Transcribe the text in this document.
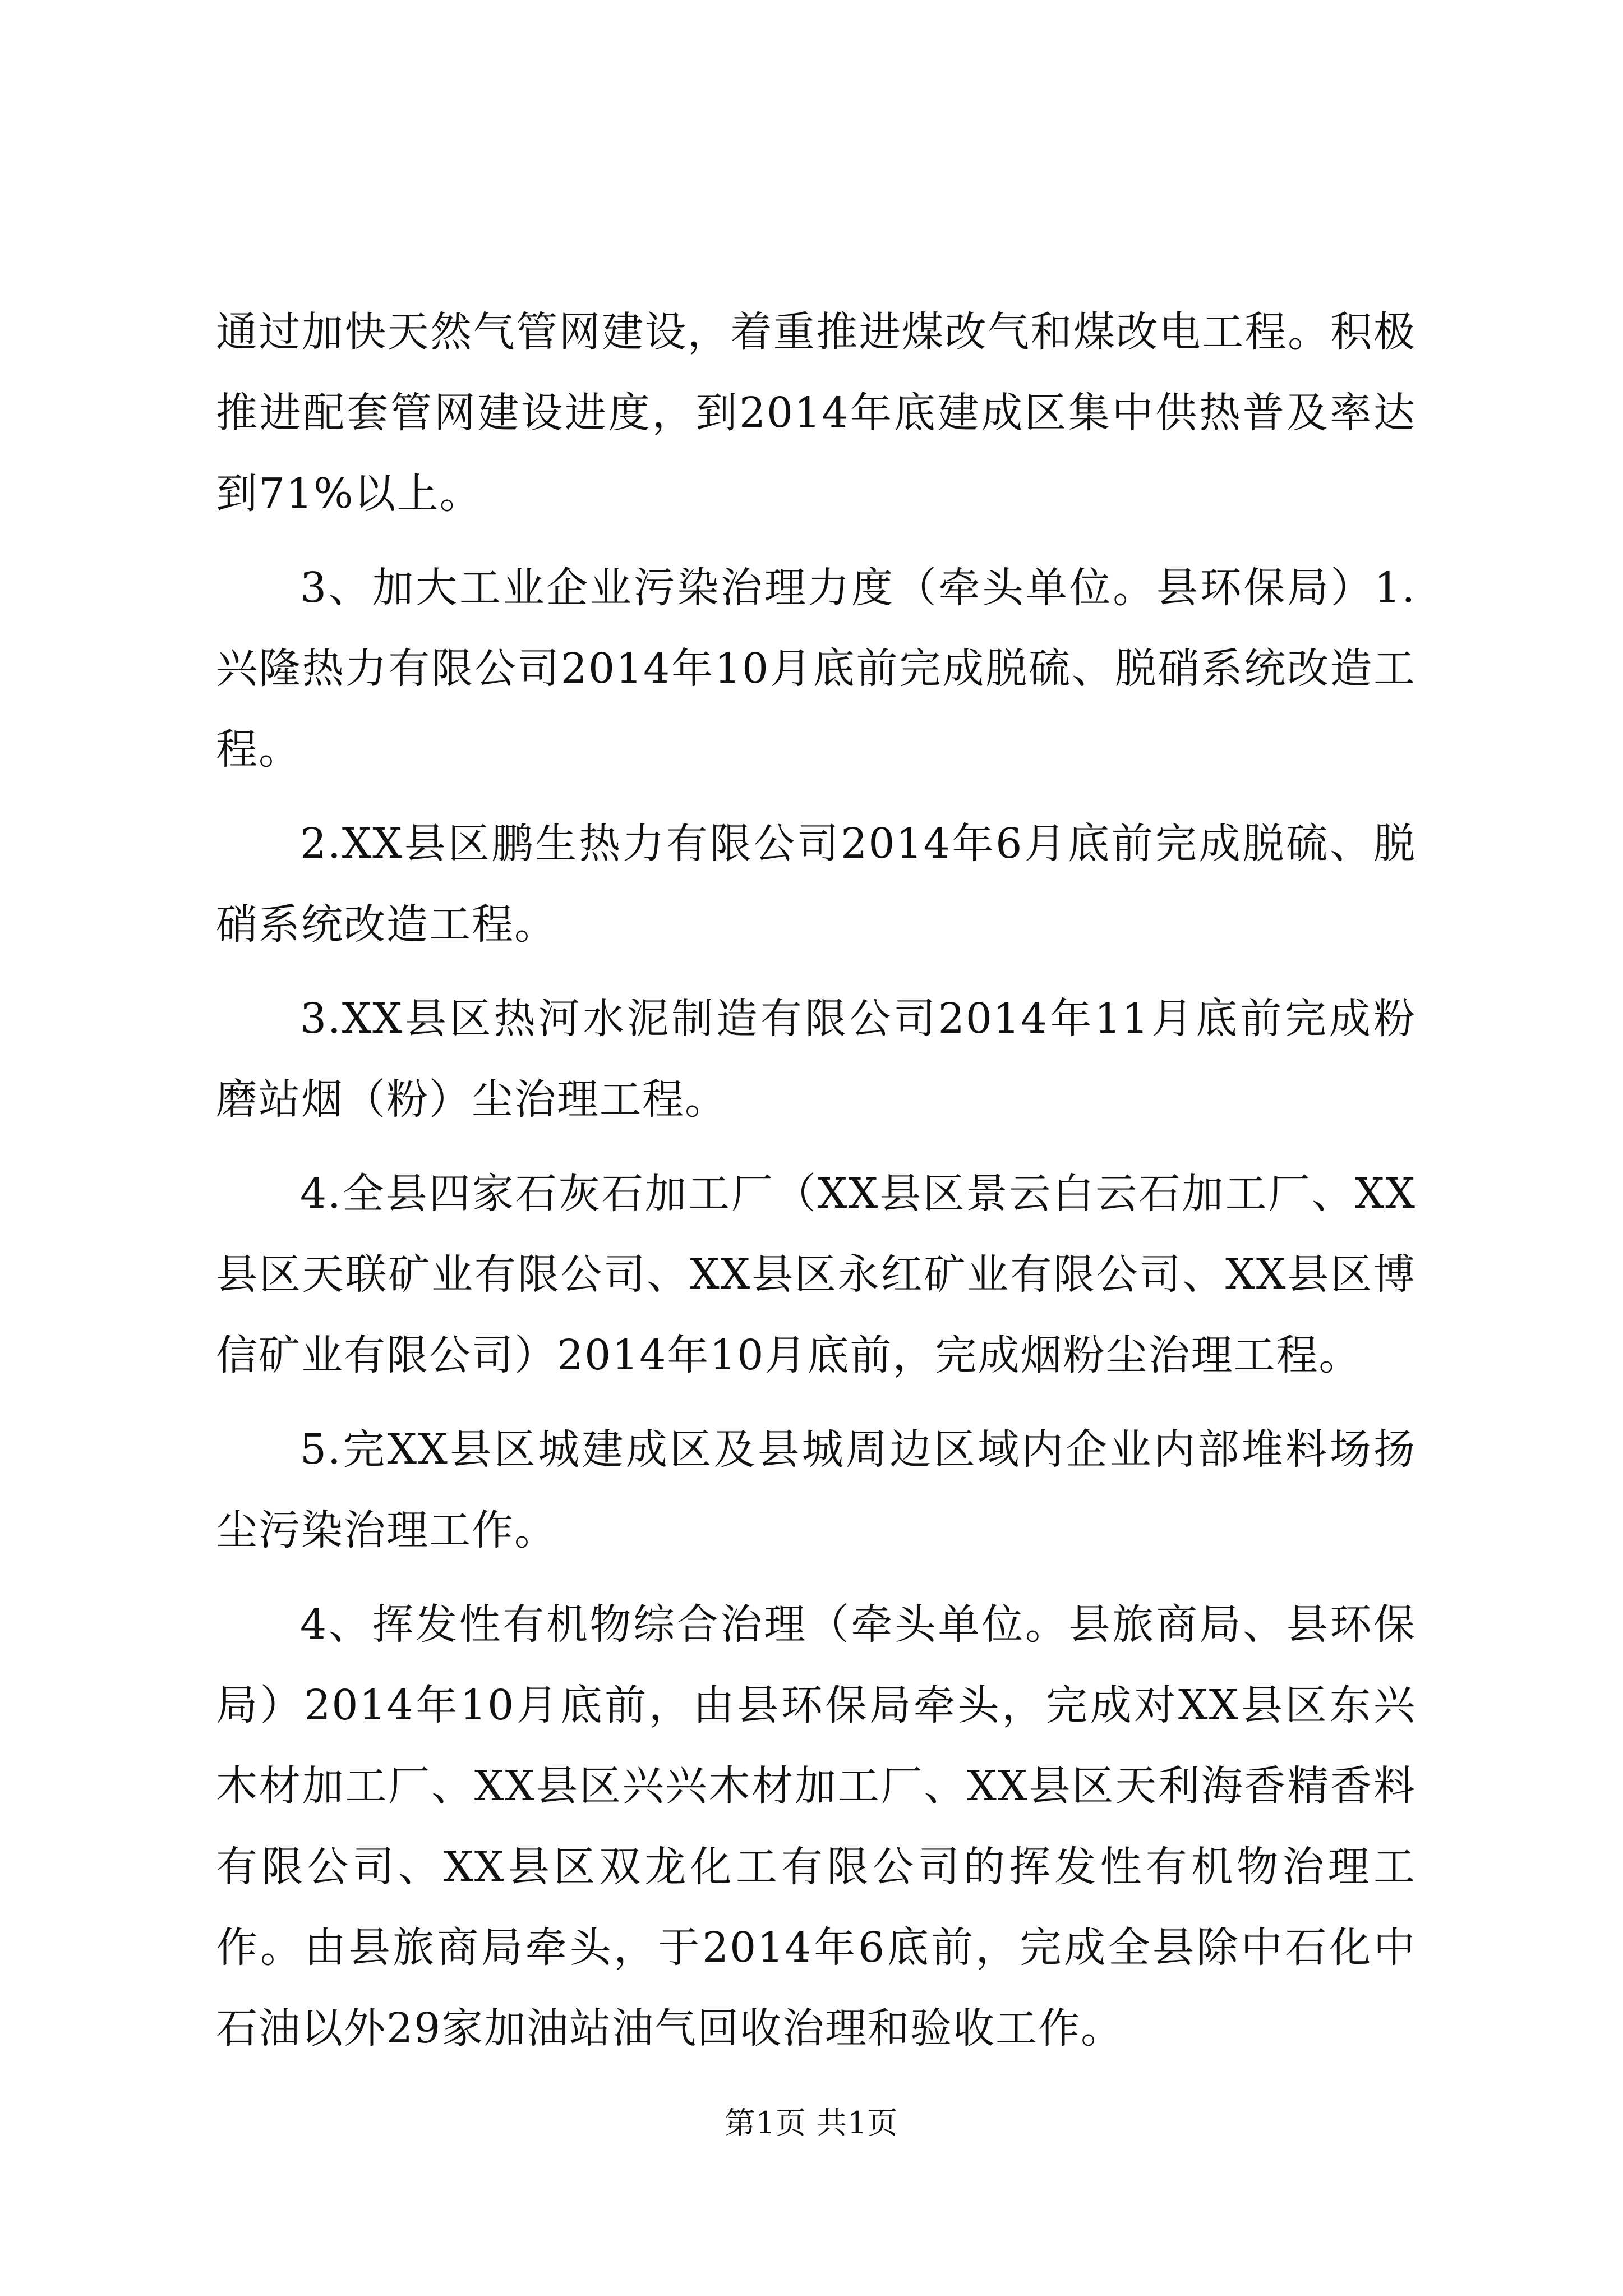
通过加快天然气管网建设，着重推进煤改气和煤改电工程。积极推进配套管网建设进度，到2014年底建成区集中供热普及率达到71%以上。

3、加大工业企业污染治理力度（牵头单位。县环保局）1.兴隆热力有限公司2014年10月底前完成脱硫、脱硝系统改造工程。

2.XX县区鹏生热力有限公司2014年6月底前完成脱硫、脱硝系统改造工程。

3.XX县区热河水泥制造有限公司2014年11月底前完成粉磨站烟（粉）尘治理工程。

4.全县四家石灰石加工厂（XX县区景云白云石加工厂、XX县区天联矿业有限公司、XX县区永红矿业有限公司、XX县区博信矿业有限公司）2014年10月底前，完成烟粉尘治理工程。

5.完XX县区城建成区及县城周边区域内企业内部堆料场扬尘污染治理工作。

4、挥发性有机物综合治理（牵头单位。县旅商局、县环保局）2014年10月底前，由县环保局牵头，完成对XX县区东兴木材加工厂、XX县区兴兴木材加工厂、XX县区天利海香精香料有限公司、XX县区双龙化工有限公司的挥发性有机物治理工作。由县旅商局牵头，于2014年6底前，完成全县除中石化中石油以外29家加油站油气回收治理和验收工作。

第1页 共1页
